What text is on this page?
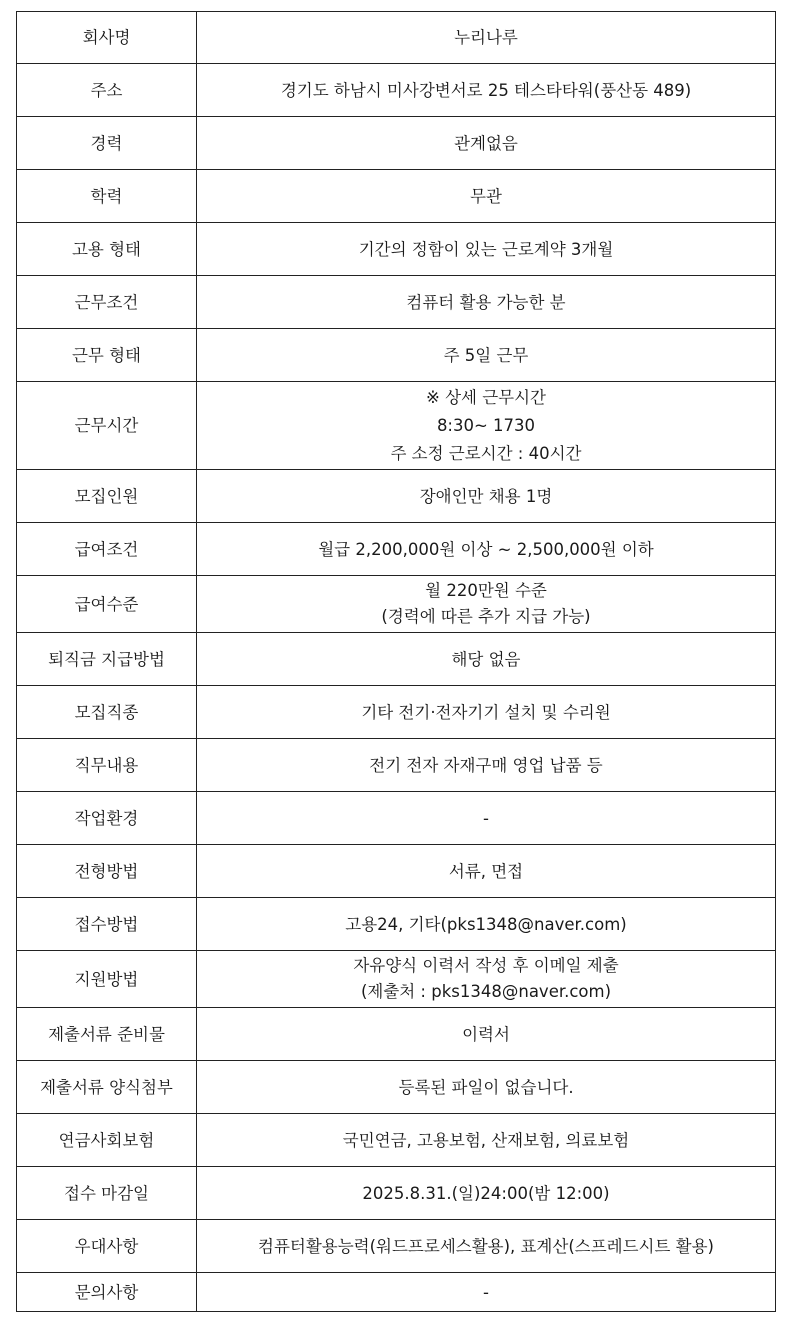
회사명	누리나루

주소	경기도 하남시 미사강변서로 25 테스타타워(풍산동 489)

경력	관계없음

학력	무관

고용 형태	기간의 정함이 있는 근로계약 3개월

근무조건	컴퓨터 활용 가능한 분

근무 형태	주 5일 근무

근무시간	※ 상세 근무시간
8:30~ 1730
주 소정 근로시간 : 40시간

모집인원	장애인만 채용 1명

급여조건	월급 2,200,000원 이상 ~ 2,500,000원 이하

급여수준	월 220만원 수준
(경력에 따른 추가 지급 가능)

퇴직금 지급방법	해당 없음

모집직종	기타 전기·전자기기 설치 및 수리원

직무내용	전기 전자 자재구매 영업 납품 등

작업환경	-

전형방법	서류, 면접

접수방법	고용24, 기타(pks1348@naver.com)

지원방법	자유양식 이력서 작성 후 이메일 제출
(제출처 : pks1348@naver.com)

제출서류 준비물	이력서

제출서류 양식첨부	등록된 파일이 없습니다.

연금사회보험	국민연금, 고용보험, 산재보험, 의료보험

접수 마감일	2025.8.31.(일)24:00(밤 12:00)

우대사항	컴퓨터활용능력(워드프로세스활용), 표계산(스프레드시트 활용)

문의사항	-
